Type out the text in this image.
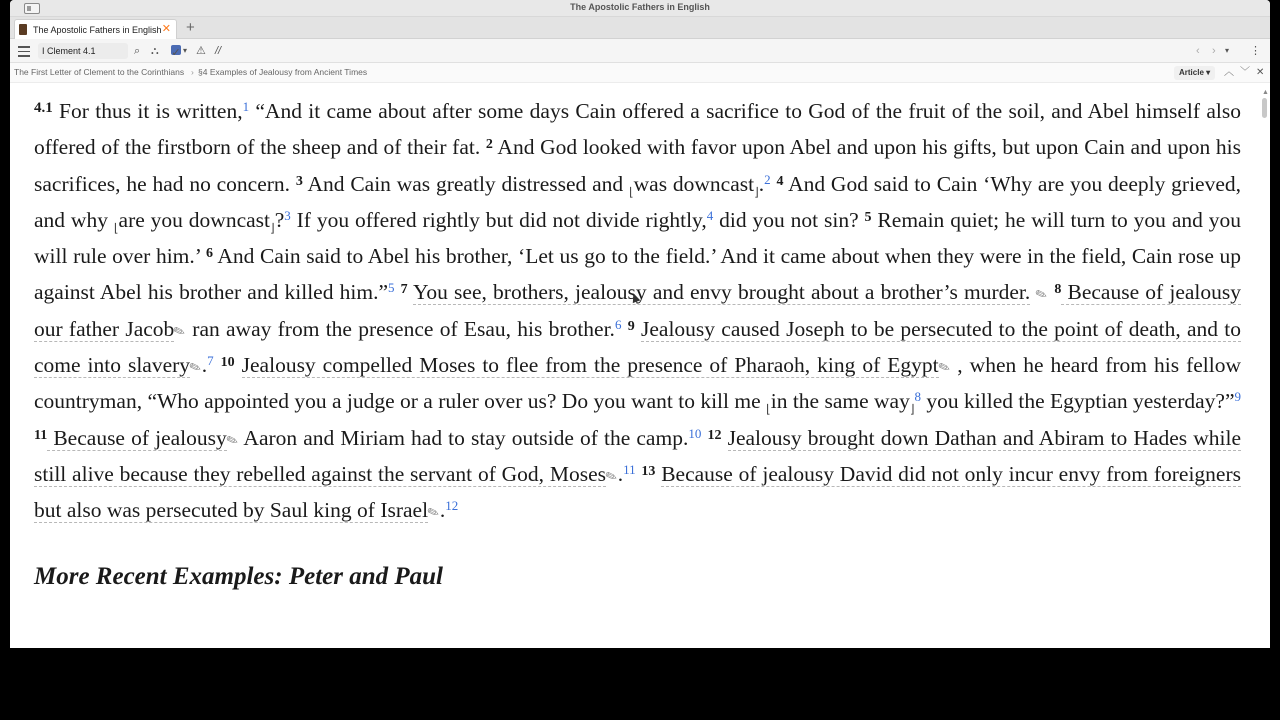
The Apostolic Fathers in English
The Apostolic Fathers in English ✕ +
I Clement 4.1
⌕ ⛬ ✓ ▾ ⚠ //	‹ › ▾ ⋮
The First Letter of Clement to the Corinthians › §4 Examples of Jealousy from Ancient Times	Article ▾	︿ ﹀ ✕

$^{4.1}$ For thus it is written,$^1$ “And it came about after some days Cain offered a sacrifice to God of the fruit of the soil, and Abel himself also offered of the firstborn of the sheep and of their fat. $^2$ And God looked with favor upon Abel and upon his gifts, but upon Cain and upon his sacrifices, he had no concern. $^3$ And Cain was greatly distressed and $_⌊$was downcast$_⌋$.$^2$ $^4$ And God said to Cain ‘Why are you deeply grieved, and why $_⌊$are you downcast$_⌋$?$^3$ If you offered rightly but did not divide rightly,$^4$ did you not sin? $^5$ Remain quiet; he will turn to you and you will rule over him.’ $^6$ And Cain said to Abel his brother, ‘Let us go to the field.’ And it came about when they were in the field, Cain rose up against Abel his brother and killed him.”$^5$ $^7$ You see, brothers, jealousy and envy brought about a brother’s murder. ✎ $^8$ Because of jealousy our father Jacob✎ ran away from the presence of Esau, his brother.$^6$ $^9$ Jealousy caused Joseph to be persecuted to the point of death, and to come into slavery✎.$^7$ $^{10}$ Jealousy compelled Moses to flee from the presence of Pharaoh, king of Egypt✎ , when he heard from his fellow countryman, “Who appointed you a judge or a ruler over us? Do you want to kill me $_⌊$in the same way$_⌋^8$ you killed the Egyptian yesterday?”$^9$ $^{11}$ Because of jealousy✎ Aaron and Miriam had to stay outside of the camp.$^{10}$ $^{12}$ Jealousy brought down Dathan and Abiram to Hades while still alive because they rebelled against the servant of God, Moses✎.$^{11}$ $^{13}$ Because of jealousy David did not only incur envy from foreigners but also was persecuted by Saul king of Israel✎.$^{12}$

More Recent Examples: Peter and Paul
▲
